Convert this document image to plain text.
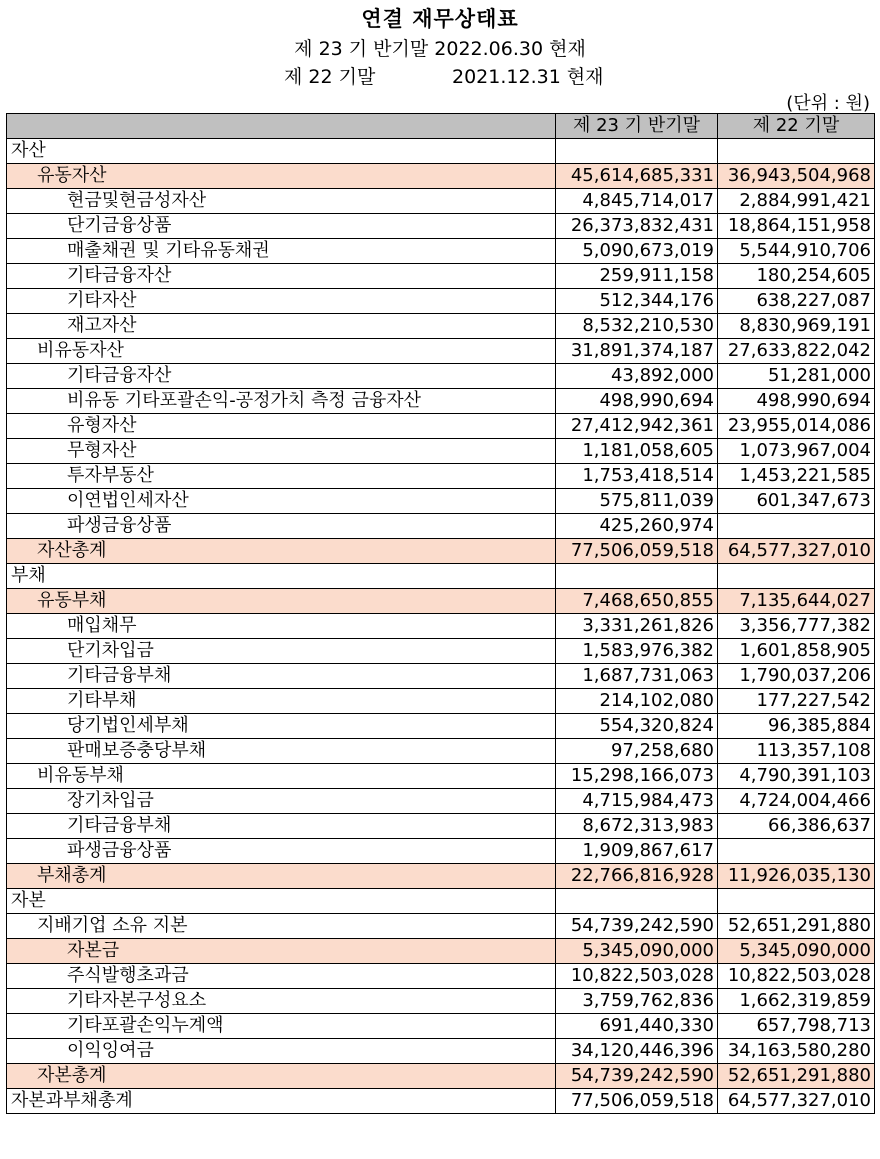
연결 재무상태표
제 23 기 반기말 2022.06.30 현재
제 22 기말	2021.12.31 현재
(단위 : 원)
	제 23 기 반기말	제 22 기말
자산		
유동자산	45,614,685,331	36,943,504,968
현금및현금성자산	4,845,714,017	2,884,991,421
단기금융상품	26,373,832,431	18,864,151,958
매출채권 및 기타유동채권	5,090,673,019	5,544,910,706
기타금융자산	259,911,158	180,254,605
기타자산	512,344,176	638,227,087
재고자산	8,532,210,530	8,830,969,191
비유동자산	31,891,374,187	27,633,822,042
기타금융자산	43,892,000	51,281,000
비유동 기타포괄손익-공정가치 측정 금융자산	498,990,694	498,990,694
유형자산	27,412,942,361	23,955,014,086
무형자산	1,181,058,605	1,073,967,004
투자부동산	1,753,418,514	1,453,221,585
이연법인세자산	575,811,039	601,347,673
파생금융상품	425,260,974	
자산총계	77,506,059,518	64,577,327,010
부채		
유동부채	7,468,650,855	7,135,644,027
매입채무	3,331,261,826	3,356,777,382
단기차입금	1,583,976,382	1,601,858,905
기타금융부채	1,687,731,063	1,790,037,206
기타부채	214,102,080	177,227,542
당기법인세부채	554,320,824	96,385,884
판매보증충당부채	97,258,680	113,357,108
비유동부채	15,298,166,073	4,790,391,103
장기차입금	4,715,984,473	4,724,004,466
기타금융부채	8,672,313,983	66,386,637
파생금융상품	1,909,867,617	
부채총계	22,766,816,928	11,926,035,130
자본		
지배기업 소유 지본	54,739,242,590	52,651,291,880
자본금	5,345,090,000	5,345,090,000
주식발행초과금	10,822,503,028	10,822,503,028
기타자본구성요소	3,759,762,836	1,662,319,859
기타포괄손익누계액	691,440,330	657,798,713
이익잉여금	34,120,446,396	34,163,580,280
자본총계	54,739,242,590	52,651,291,880
자본과부채총계	77,506,059,518	64,577,327,010
